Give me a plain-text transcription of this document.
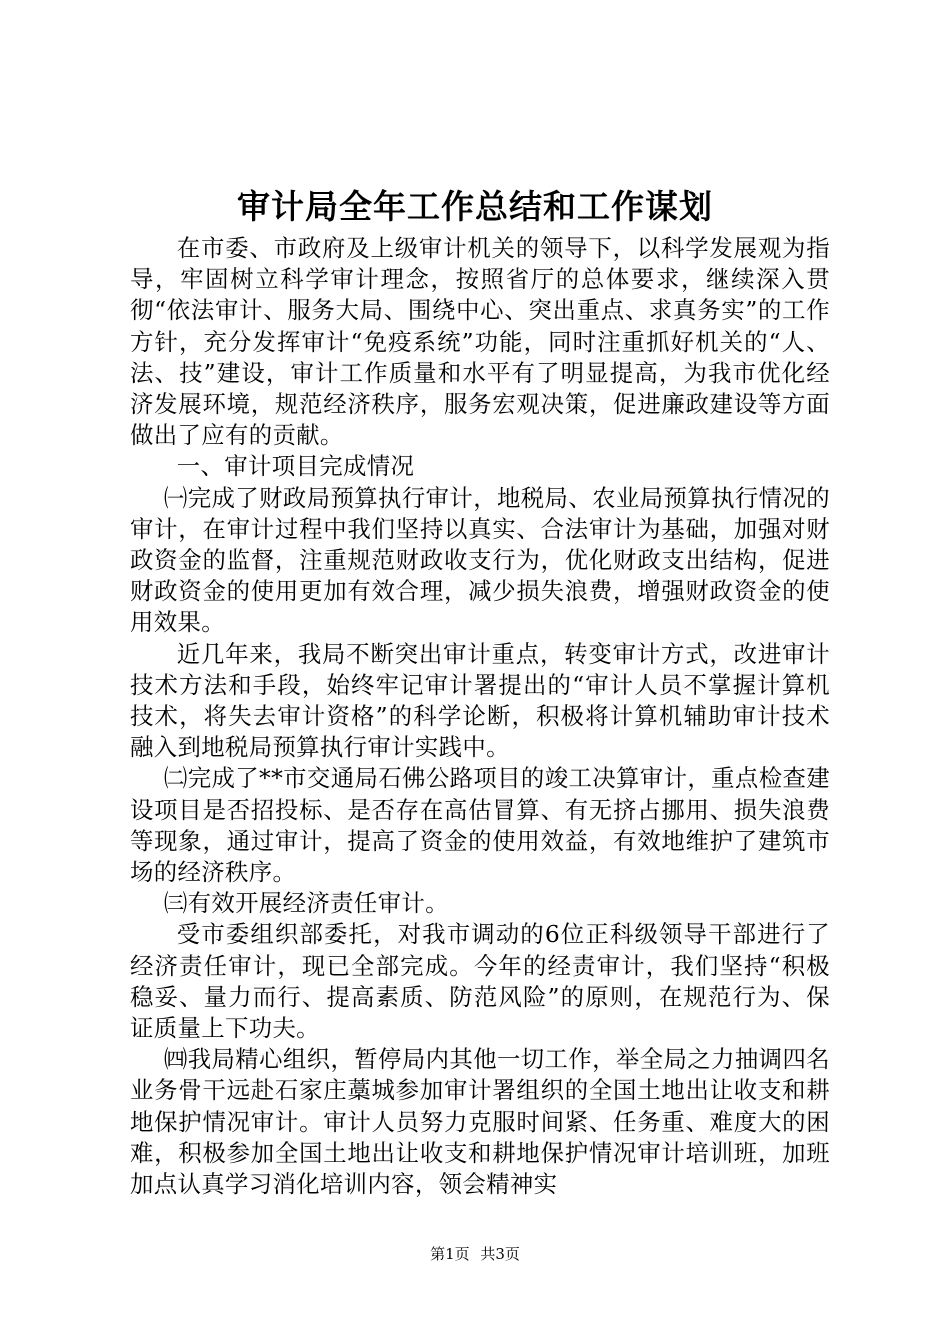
审计局全年工作总结和工作谋划

在市委、市政府及上级审计机关的领导下，以科学发展观为指导，牢固树立科学审计理念，按照省厅的总体要求，继续深入贯彻“依法审计、服务大局、围绕中心、突出重点、求真务实”的工作方针，充分发挥审计“免疫系统”功能，同时注重抓好机关的“人、法、技”建设，审计工作质量和水平有了明显提高，为我市优化经济发展环境，规范经济秩序，服务宏观决策，促进廉政建设等方面做出了应有的贡献。

一、审计项目完成情况

㈠完成了财政局预算执行审计，地税局、农业局预算执行情况的审计，在审计过程中我们坚持以真实、合法审计为基础，加强对财政资金的监督，注重规范财政收支行为，优化财政支出结构，促进财政资金的使用更加有效合理，减少损失浪费，增强财政资金的使用效果。

近几年来，我局不断突出审计重点，转变审计方式，改进审计技术方法和手段，始终牢记审计署提出的“审计人员不掌握计算机技术，将失去审计资格”的科学论断，积极将计算机辅助审计技术融入到地税局预算执行审计实践中。

㈡完成了**市交通局石佛公路项目的竣工决算审计，重点检查建设项目是否招投标、是否存在高估冒算、有无挤占挪用、损失浪费等现象，通过审计，提高了资金的使用效益，有效地维护了建筑市场的经济秩序。

㈢有效开展经济责任审计。

受市委组织部委托，对我市调动的6位正科级领导干部进行了经济责任审计，现已全部完成。今年的经责审计，我们坚持“积极稳妥、量力而行、提高素质、防范风险”的原则，在规范行为、保证质量上下功夫。

㈣我局精心组织，暂停局内其他一切工作，举全局之力抽调四名业务骨干远赴石家庄藁城参加审计署组织的全国土地出让收支和耕地保护情况审计。审计人员努力克服时间紧、任务重、难度大的困难，积极参加全国土地出让收支和耕地保护情况审计培训班，加班加点认真学习消化培训内容，领会精神实

第1页 共3页
